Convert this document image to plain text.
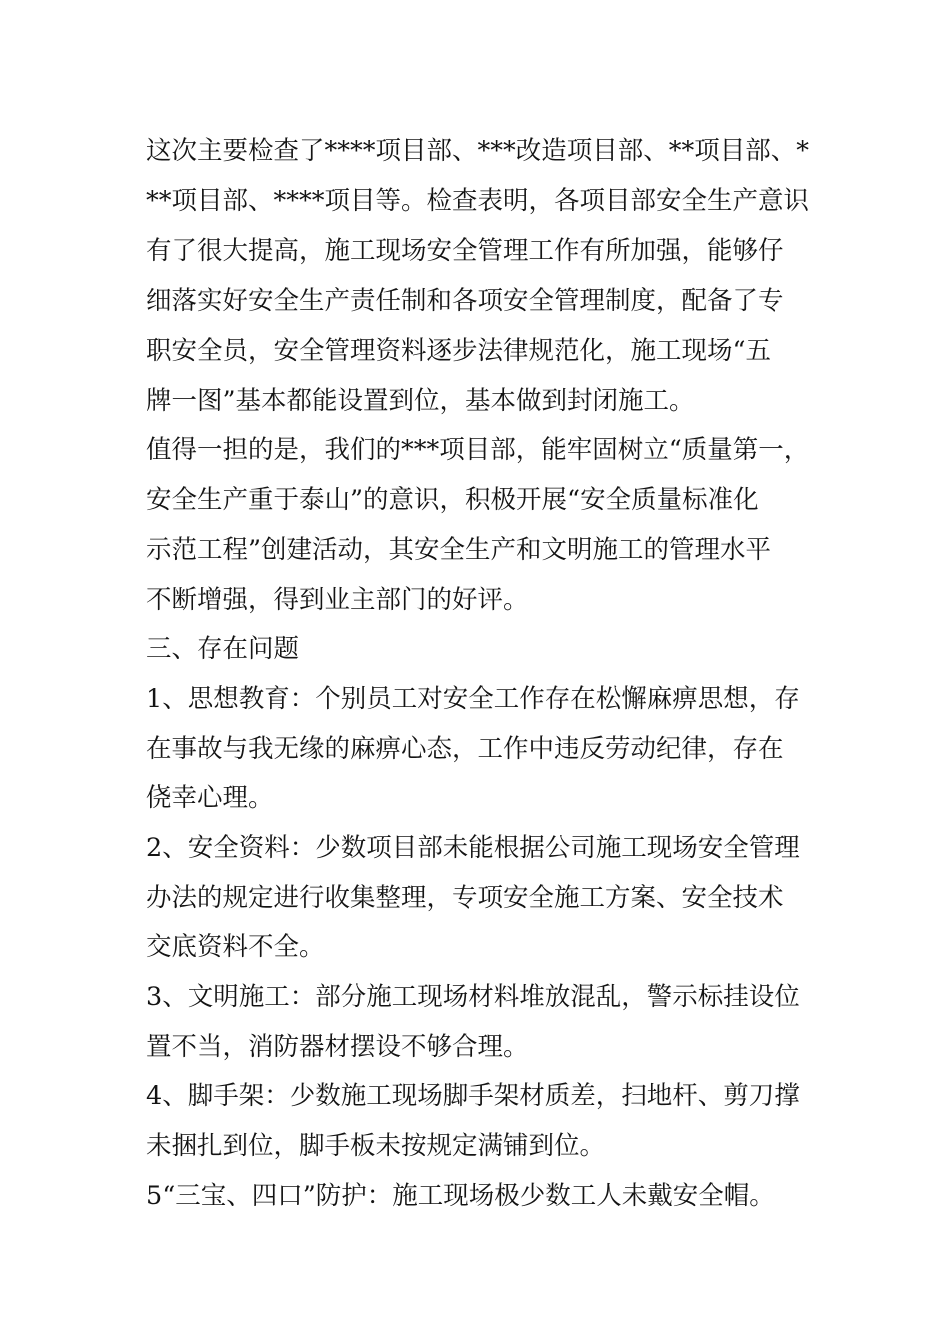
这次主要检查了****项目部、***改造项目部、**项目部、*
**项目部、****项目等。检查表明，各项目部安全生产意识
有了很大提高，施工现场安全管理工作有所加强，能够仔
细落实好安全生产责任制和各项安全管理制度，配备了专
职安全员，安全管理资料逐步法律规范化，施工现场“五
牌一图”基本都能设置到位，基本做到封闭施工。
值得一担的是，我们的***项目部，能牢固树立“质量第一，
安全生产重于泰山”的意识，积极开展“安全质量标准化
示范工程”创建活动，其安全生产和文明施工的管理水平
不断增强，得到业主部门的好评。
三、存在问题
1、思想教育：个别员工对安全工作存在松懈麻痹思想，存
在事故与我无缘的麻痹心态，工作中违反劳动纪律，存在
侥幸心理。
2、安全资料：少数项目部未能根据公司施工现场安全管理
办法的规定进行收集整理，专项安全施工方案、安全技术
交底资料不全。
3、文明施工：部分施工现场材料堆放混乱，警示标挂设位
置不当，消防器材摆设不够合理。
4、脚手架：少数施工现场脚手架材质差，扫地杆、剪刀撑
未捆扎到位，脚手板未按规定满铺到位。
5“三宝、四口”防护：施工现场极少数工人未戴安全帽。
